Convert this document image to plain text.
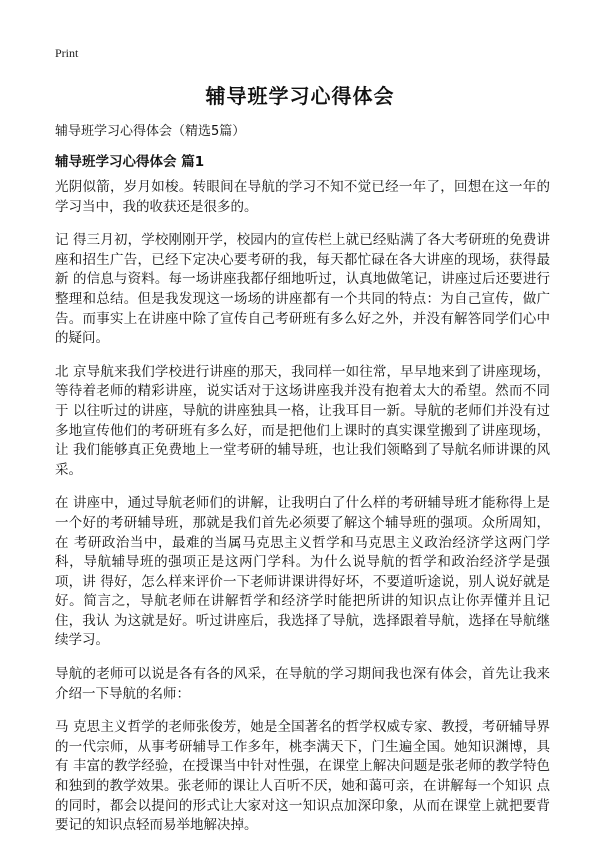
Print
辅导班学习心得体会
辅导班学习心得体会（精选5篇）
辅导班学习心得体会 篇1

光阴似箭，岁月如梭。转眼间在导航的学习不知不觉已经一年了，回想在这一年的学习当中，我的收获还是很多的。

记 得三月初，学校刚刚开学，校园内的宣传栏上就已经贴满了各大考研班的免费讲座和招生广告，已经下定决心要考研的我，每天都忙碌在各大讲座的现场，获得最新 的信息与资料。每一场讲座我都仔细地听过，认真地做笔记，讲座过后还要进行整理和总结。但是我发现这一场场的讲座都有一个共同的特点：为自己宣传，做广 告。而事实上在讲座中除了宣传自己考研班有多么好之外，并没有解答同学们心中的疑问。

北 京导航来我们学校进行讲座的那天，我同样一如往常，早早地来到了讲座现场，等待着老师的精彩讲座，说实话对于这场讲座我并没有抱着太大的希望。然而不同于 以往听过的讲座，导航的讲座独具一格，让我耳目一新。导航的老师们并没有过多地宣传他们的考研班有多么好，而是把他们上课时的真实课堂搬到了讲座现场，让 我们能够真正免费地上一堂考研的辅导班，也让我们领略到了导航名师讲课的风采。

在 讲座中，通过导航老师们的讲解，让我明白了什么样的考研辅导班才能称得上是一个好的考研辅导班，那就是我们首先必须要了解这个辅导班的强项。众所周知，在 考研政治当中，最难的当属马克思主义哲学和马克思主义政治经济学这两门学科，导航辅导班的强项正是这两门学科。为什么说导航的哲学和政治经济学是强项，讲 得好，怎么样来评价一下老师讲课讲得好坏，不要道听途说，别人说好就是好。简言之，导航老师在讲解哲学和经济学时能把所讲的知识点让你弄懂并且记住，我认 为这就是好。听过讲座后，我选择了导航，选择跟着导航，选择在导航继续学习。

导航的老师可以说是各有各的风采，在导航的学习期间我也深有体会，首先让我来介绍一下导航的名师：

马 克思主义哲学的老师张俊芳，她是全国著名的哲学权威专家、教授，考研辅导界的一代宗师，从事考研辅导工作多年，桃李满天下，门生遍全国。她知识渊博，具有 丰富的教学经验，在授课当中针对性强，在课堂上解决问题是张老师的教学特色和独到的教学效果。张老师的课让人百听不厌，她和蔼可亲，在讲解每一个知识 点的同时，都会以提问的形式让大家对这一知识点加深印象，从而在课堂上就把要背要记的知识点轻而易举地解决掉。
